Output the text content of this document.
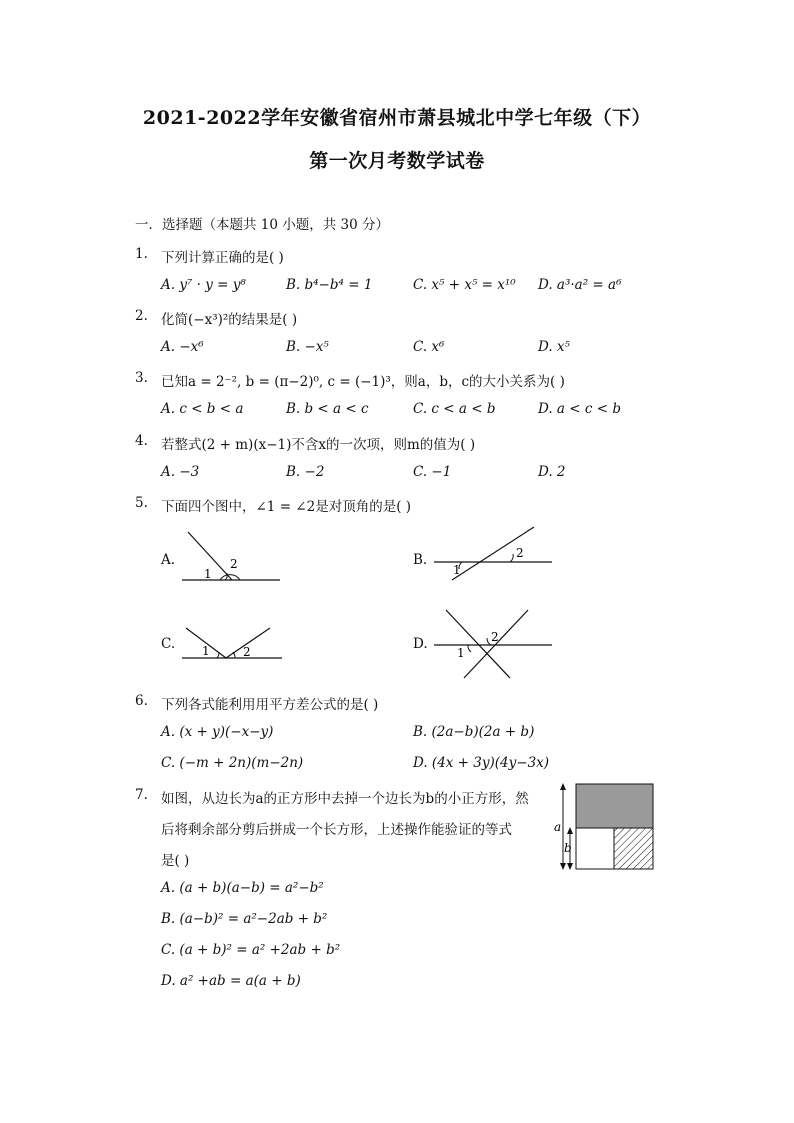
2021-2022学年安徽省宿州市萧县城北中学七年级（下）
第一次月考数学试卷
一．选择题（本题共 10 小题，共 30 分）
1. 下列计算正确的是( )
A. y⁷ · y = y⁸	B. b⁴−b⁴ = 1	C. x⁵ + x⁵ = x¹⁰ D. a³·a² = a⁶
2. 化简(−x³)²的结果是( )
A. −x⁶	B. −x⁵	C. x⁶	D. x⁵
3. 已知a = 2⁻², b = (π−2)⁰, c = (−1)³，则a，b，c的大小关系为( )
A. c < b < a	B. b < a < c	C. c < a < b	D. a < c < b
4. 若整式(2 + m)(x−1)不含x的一次项，则m的值为( )
A. −3	B. −2	C. −1	D. 2
5. 下面四个图中，∠1 = ∠2是对顶角的是( )
A.
1
2	B.
1
2
C. 1	2	D.
1
2
6. 下列各式能利用用平方差公式的是( )
A. (x + y)(−x−y)	B. (2a−b)(2a + b)
C. (−m + 2n)(m−2n)	D. (4x + 3y)(4y−3x)
7. 如图，从边长为a的正方形中去掉一个边长为b的小正方形，然
后将剩余部分剪后拼成一个长方形，上述操作能验证的等式
是( )
A. (a + b)(a−b) = a²−b²
B. (a−b)² = a²−2ab + b²
C. (a + b)² = a² +2ab + b²
D. a² +ab = a(a + b)
a
b
